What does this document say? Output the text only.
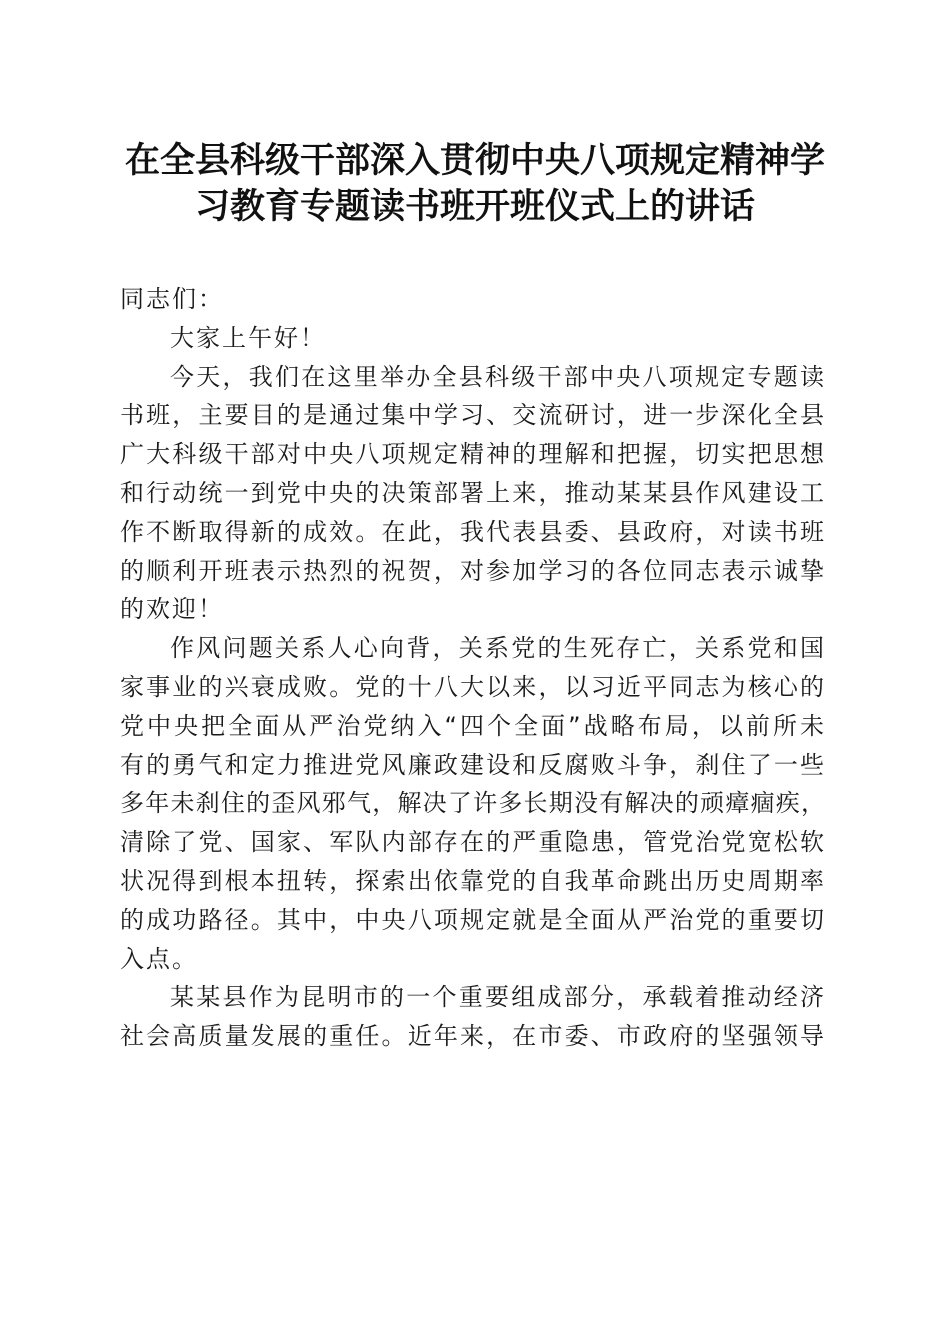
在全县科级干部深入贯彻中央八项规定精神学
习教育专题读书班开班仪式上的讲话
同志们：
大家上午好！
今天，我们在这里举办全县科级干部中央八项规定专题读
书班，主要目的是通过集中学习、交流研讨，进一步深化全县
广大科级干部对中央八项规定精神的理解和把握，切实把思想
和行动统一到党中央的决策部署上来，推动某某县作风建设工
作不断取得新的成效。在此，我代表县委、县政府，对读书班
的顺利开班表示热烈的祝贺，对参加学习的各位同志表示诚挚
的欢迎！
作风问题关系人心向背，关系党的生死存亡，关系党和国
家事业的兴衰成败。党的十八大以来，以习近平同志为核心的
党中央把全面从严治党纳入“四个全面”战略布局，以前所未
有的勇气和定力推进党风廉政建设和反腐败斗争，刹住了一些
多年未刹住的歪风邪气，解决了许多长期没有解决的顽瘴痼疾，
清除了党、国家、军队内部存在的严重隐患，管党治党宽松软
状况得到根本扭转，探索出依靠党的自我革命跳出历史周期率
的成功路径。其中，中央八项规定就是全面从严治党的重要切
入点。
某某县作为昆明市的一个重要组成部分，承载着推动经济
社会高质量发展的重任。近年来，在市委、市政府的坚强领导
